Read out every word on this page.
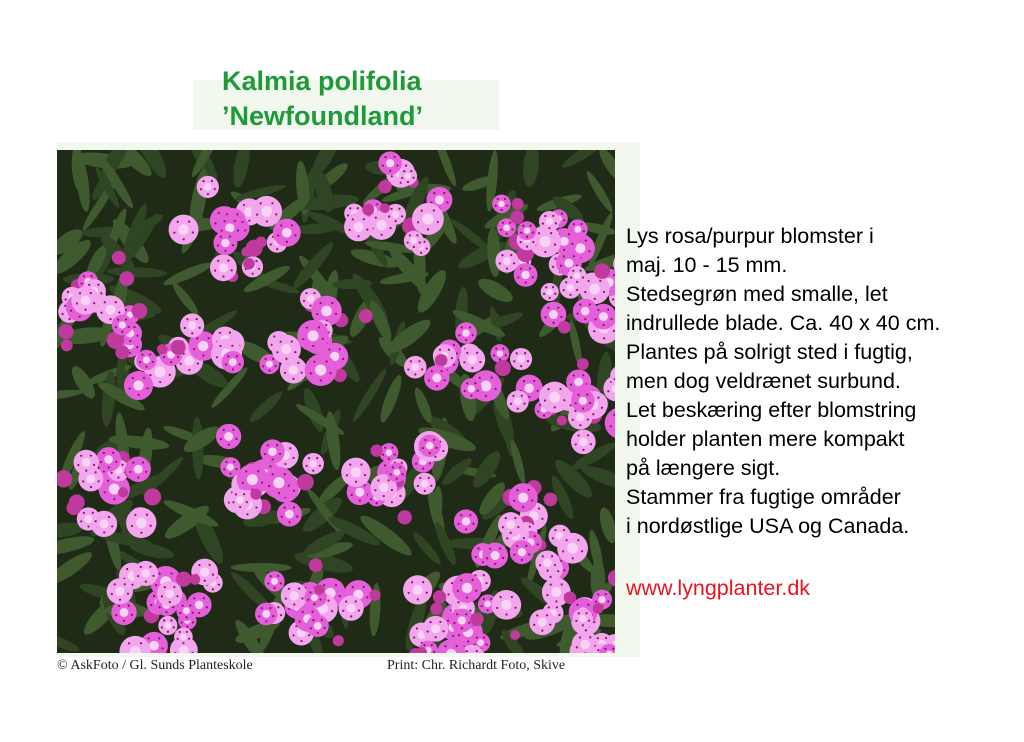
Kalmia polifolia
’Newfoundland’
Lys rosa/purpur blomster i
maj. 10 - 15 mm.
Stedsegrøn med smalle, let
indrullede blade. Ca. 40 x 40 cm.
Plantes på solrigt sted i fugtig,
men dog veldrænet surbund.
Let beskæring efter blomstring
holder planten mere kompakt
på længere sigt.
Stammer fra fugtige områder
i nordøstlige USA og Canada.
www.lyngplanter.dk
© AskFoto / Gl. Sunds Planteskole	Print: Chr. Richardt Foto, Skive
